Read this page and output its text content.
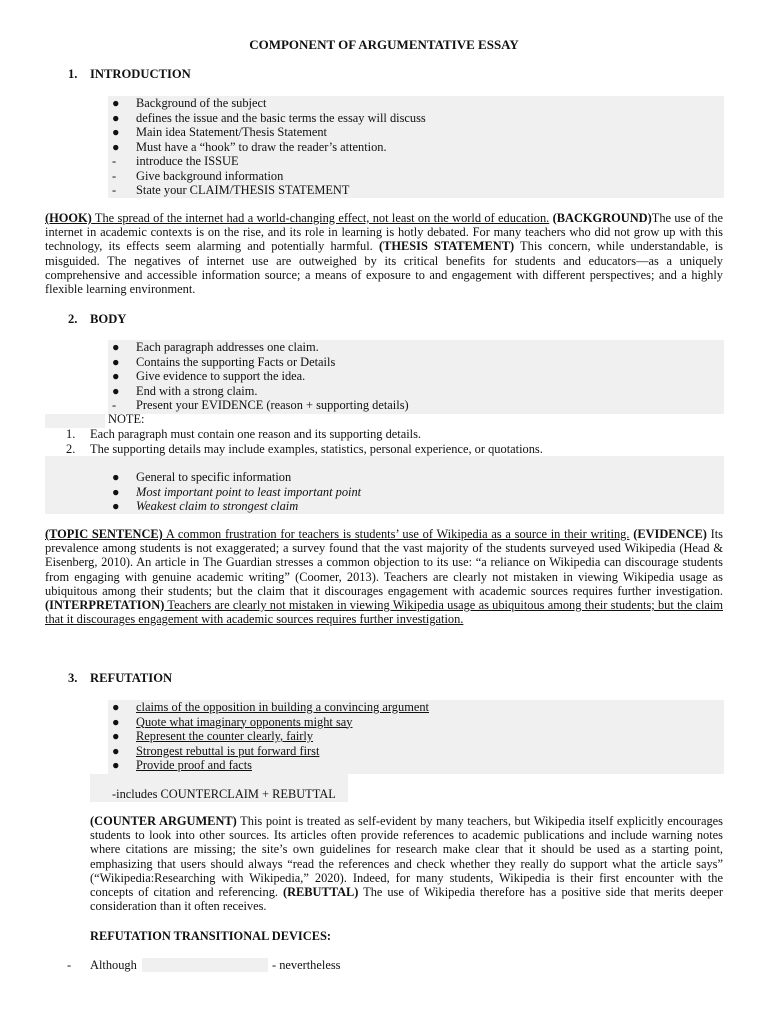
COMPONENT OF ARGUMENTATIVE ESSAY
1. INTRODUCTION
●	Background of the subject
●	defines the issue and the basic terms the essay will discuss
●	Main idea Statement/Thesis Statement
●	Must have a “hook” to draw the reader’s attention.
-	introduce the ISSUE
-	Give background information
-	State your CLAIM/THESIS STATEMENT

(HOOK) The spread of the internet had a world-changing effect, not least on the world of education. (BACKGROUND)The use of the internet in academic contexts is on the rise, and its role in learning is hotly debated. For many teachers who did not grow up with this technology, its effects seem alarming and potentially harmful. (THESIS STATEMENT) This concern, while understandable, is misguided. The negatives of internet use are outweighed by its critical benefits for students and educators—as a uniquely comprehensive and accessible information source; a means of exposure to and engagement with different perspectives; and a highly flexible learning environment.

2. BODY
●	Each paragraph addresses one claim.
●	Contains the supporting Facts or Details
●	Give evidence to support the idea.
●	End with a strong claim.
-	Present your EVIDENCE (reason + supporting details)
NOTE:
1. Each paragraph must contain one reason and its supporting details.
2. The supporting details may include examples, statistics, personal experience, or quotations.
●	General to specific information
●	Most important point to least important point
●	Weakest claim to strongest claim

(TOPIC SENTENCE) A common frustration for teachers is students’ use of Wikipedia as a source in their writing. (EVIDENCE) Its prevalence among students is not exaggerated; a survey found that the vast majority of the students surveyed used Wikipedia (Head & Eisenberg, 2010). An article in The Guardian stresses a common objection to its use: “a reliance on Wikipedia can discourage students from engaging with genuine academic writing” (Coomer, 2013). Teachers are clearly not mistaken in viewing Wikipedia usage as ubiquitous among their students; but the claim that it discourages engagement with academic sources requires further investigation. (INTERPRETATION) Teachers are clearly not mistaken in viewing Wikipedia usage as ubiquitous among their students; but the claim that it discourages engagement with academic sources requires further investigation.

3. REFUTATION
●	claims of the opposition in building a convincing argument
●	Quote what imaginary opponents might say
●	Represent the counter clearly, fairly
●	Strongest rebuttal is put forward first
●	Provide proof and facts
-includes COUNTERCLAIM + REBUTTAL

(COUNTER ARGUMENT) This point is treated as self-evident by many teachers, but Wikipedia itself explicitly encourages students to look into other sources. Its articles often provide references to academic publications and include warning notes where citations are missing; the site’s own guidelines for research make clear that it should be used as a starting point, emphasizing that users should always “read the references and check whether they really do support what the article says” (“Wikipedia:Researching with Wikipedia,” 2020). Indeed, for many students, Wikipedia is their first encounter with the concepts of citation and referencing. (REBUTTAL) The use of Wikipedia therefore has a positive side that merits deeper consideration than it often receives.

REFUTATION TRANSITIONAL DEVICES:
- Although	- nevertheless
